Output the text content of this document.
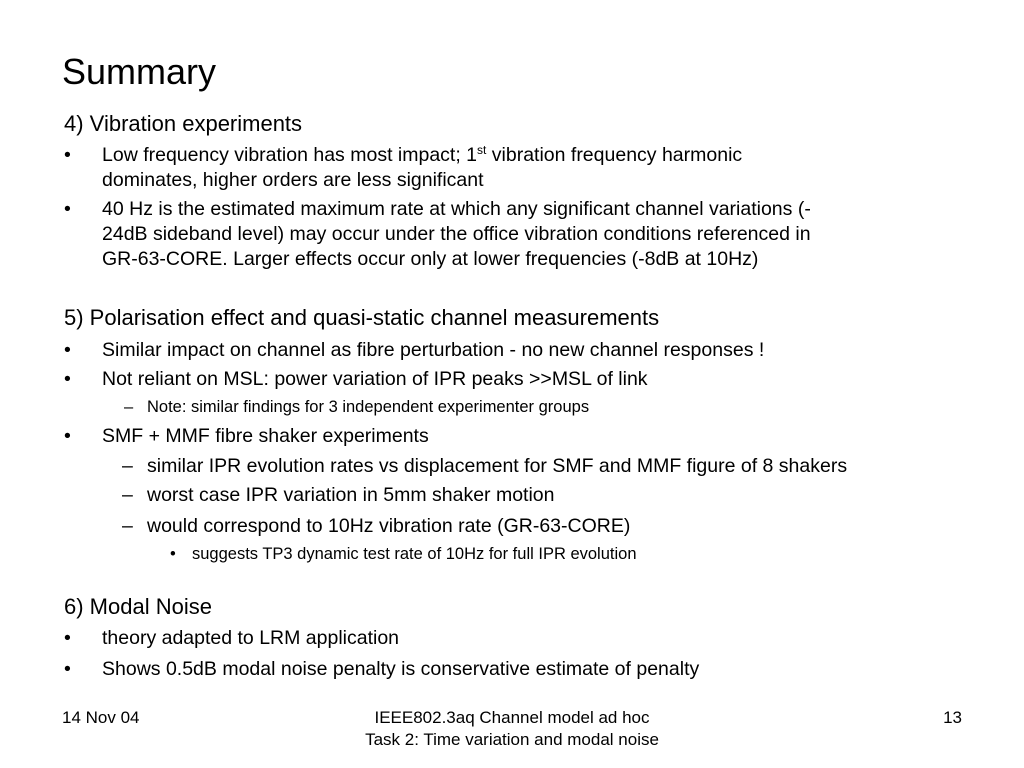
Summary
4) Vibration experiments
• Low frequency vibration has most impact; 1st vibration frequency harmonic
dominates, higher orders are less significant
• 40 Hz is the estimated maximum rate at which any significant channel variations (-
24dB sideband level) may occur under the office vibration conditions referenced in
GR-63-CORE. Larger effects occur only at lower frequencies (-8dB at 10Hz)
5) Polarisation effect and quasi-static channel measurements
• Similar impact on channel as fibre perturbation - no new channel responses !
• Not reliant on MSL: power variation of IPR peaks >>MSL of link
– Note: similar findings for 3 independent experimenter groups
• SMF + MMF fibre shaker experiments
– similar IPR evolution rates vs displacement for SMF and MMF figure of 8 shakers
– worst case IPR variation in 5mm shaker motion
– would correspond to 10Hz vibration rate (GR-63-CORE)
• suggests TP3 dynamic test rate of 10Hz for full IPR evolution
6) Modal Noise
• theory adapted to LRM application
• Shows 0.5dB modal noise penalty is conservative estimate of penalty
14 Nov 04	IEEE802.3aq Channel model ad hoc
Task 2: Time variation and modal noise
13
